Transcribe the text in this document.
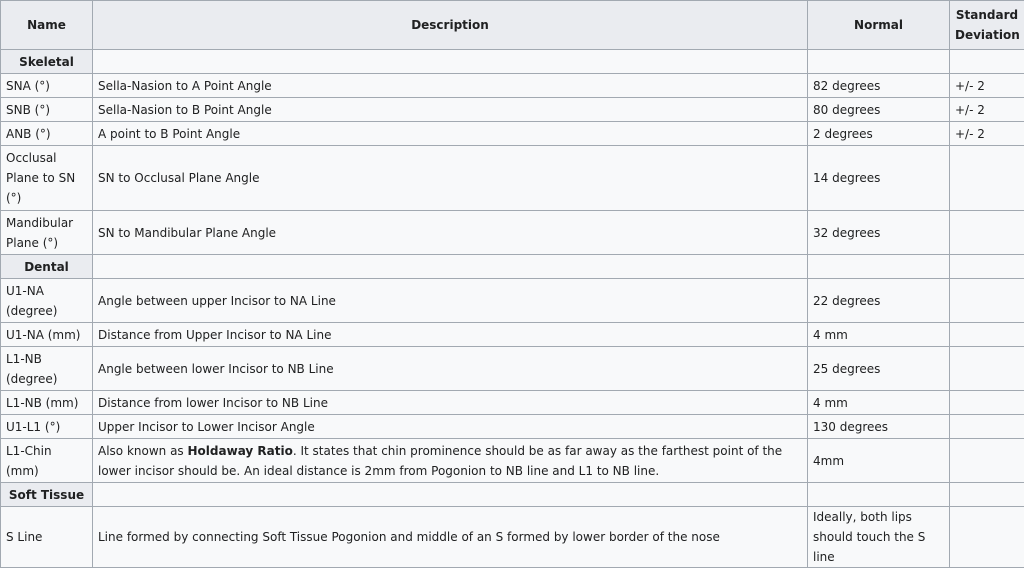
Name	Description	Normal	Standard Deviation
Skeletal			
SNA (°)	Sella-Nasion to A Point Angle	82 degrees	+/- 2
SNB (°)	Sella-Nasion to B Point Angle	80 degrees	+/- 2
ANB (°)	A point to B Point Angle	2 degrees	+/- 2
Occlusal Plane to SN (°)	SN to Occlusal Plane Angle	14 degrees	
Mandibular Plane (°)	SN to Mandibular Plane Angle	32 degrees	
Dental			
U1-NA (degree)	Angle between upper Incisor to NA Line	22 degrees	
U1-NA (mm)	Distance from Upper Incisor to NA Line	4 mm	
L1-NB (degree)	Angle between lower Incisor to NB Line	25 degrees	
L1-NB (mm)	Distance from lower Incisor to NB Line	4 mm	
U1-L1 (°)	Upper Incisor to Lower Incisor Angle	130 degrees	
L1-Chin (mm)	Also known as Holdaway Ratio. It states that chin prominence should be as far away as the farthest point of the lower incisor should be. An ideal distance is 2mm from Pogonion to NB line and L1 to NB line.	4mm	
Soft Tissue			
S Line	Line formed by connecting Soft Tissue Pogonion and middle of an S formed by lower border of the nose	Ideally, both lips should touch the S line	
